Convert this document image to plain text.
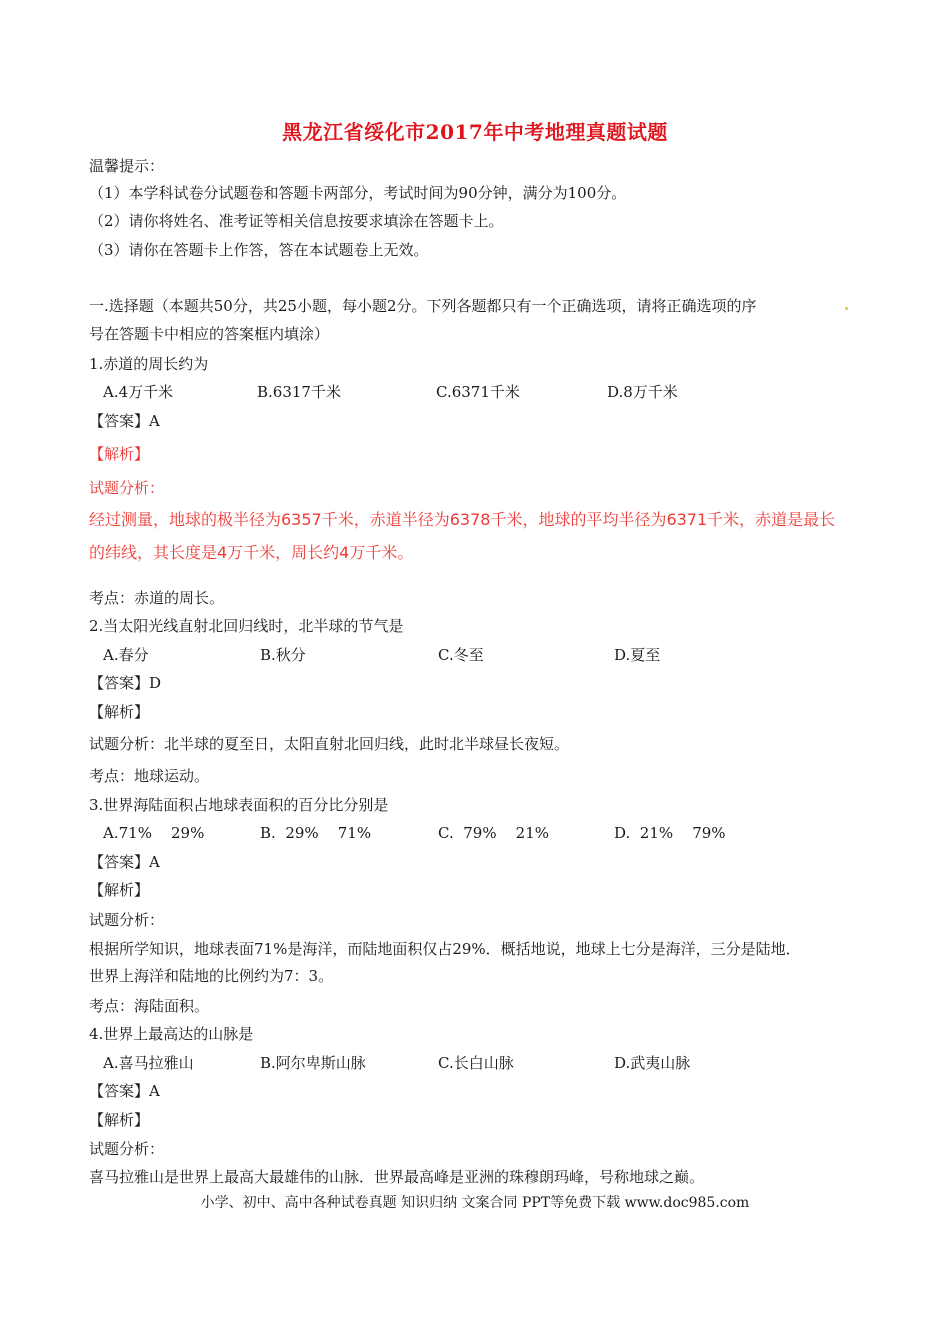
黑龙江省绥化市2017年中考地理真题试题
温馨提示：
（1）本学科试卷分试题卷和答题卡两部分，考试时间为90分钟，满分为100分。
（2）请你将姓名、准考证等相关信息按要求填涂在答题卡上。
（3）请你在答题卡上作答，答在本试题卷上无效。
一.选择题（本题共50分，共25小题，每小题2分。下列各题都只有一个正确选项，请将正确选项的序
号在答题卡中相应的答案框内填涂）
1.赤道的周长约为
A.4万千米	B.6317千米	C.6371千米	D.8万千米
【答案】A
【解析】
试题分析：
经过测量，地球的极半径为6357千米，赤道半径为6378千米，地球的平均半径为6371千米，赤道是最长
的纬线，其长度是4万千米，周长约4万千米。
考点：赤道的周长。
2.当太阳光线直射北回归线时，北半球的节气是
A.春分	B.秋分	C.冬至	D.夏至
【答案】D
【解析】
试题分析：北半球的夏至日，太阳直射北回归线，此时北半球昼长夜短。
考点：地球运动。
3.世界海陆面积占地球表面积的百分比分别是
A.71%    29%	B.  29%    71%	C.  79%    21%	D.  21%    79%
【答案】A
【解析】
试题分析：
根据所学知识，地球表面71%是海洋，而陆地面积仅占29%．概括地说，地球上七分是海洋，三分是陆地．
世界上海洋和陆地的比例约为7：3。
考点：海陆面积。
4.世界上最高达的山脉是
A.喜马拉雅山	B.阿尔卑斯山脉	C.长白山脉	D.武夷山脉
【答案】A
【解析】
试题分析：
喜马拉雅山是世界上最高大最雄伟的山脉．世界最高峰是亚洲的珠穆朗玛峰，号称地球之巅。
小学、初中、高中各种试卷真题 知识归纳 文案合同 PPT等免费下载 www.doc985.com
